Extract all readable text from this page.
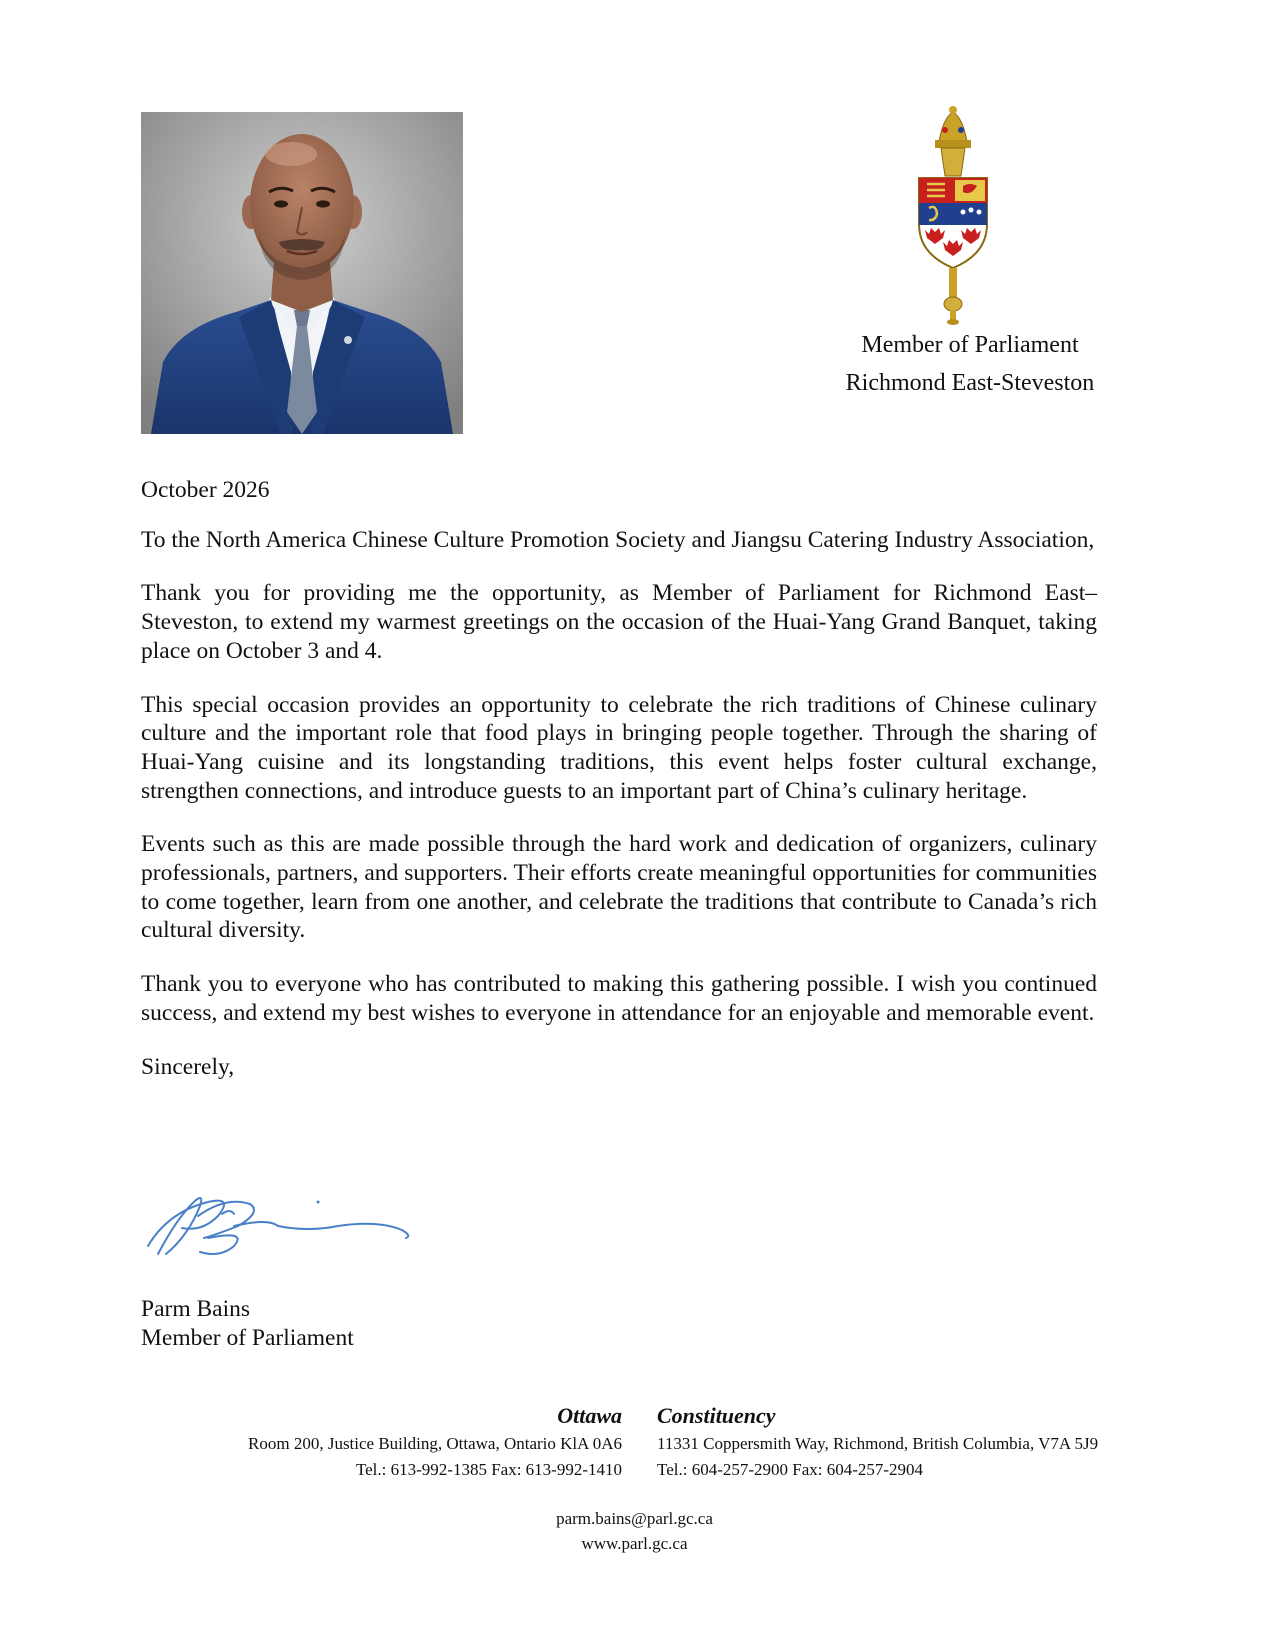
Member of Parliament
Richmond East-Steveston

October 2026

To the North America Chinese Culture Promotion Society and Jiangsu Catering Industry Association,

Thank you for providing me the opportunity, as Member of Parliament for Richmond East–Steveston, to extend my warmest greetings on the occasion of the Huai-Yang Grand Banquet, taking place on October 3 and 4.

This special occasion provides an opportunity to celebrate the rich traditions of Chinese culinary culture and the important role that food plays in bringing people together. Through the sharing of Huai-Yang cuisine and its longstanding traditions, this event helps foster cultural exchange, strengthen connections, and introduce guests to an important part of China’s culinary heritage.

Events such as this are made possible through the hard work and dedication of organizers, culinary professionals, partners, and supporters. Their efforts create meaningful opportunities for communities to come together, learn from one another, and celebrate the traditions that contribute to Canada’s rich cultural diversity.

Thank you to everyone who has contributed to making this gathering possible. I wish you continued success, and extend my best wishes to everyone in attendance for an enjoyable and memorable event.

Sincerely,

Parm Bains
Member of Parliament
Ottawa
Room 200, Justice Building, Ottawa, Ontario KlA 0A6
Tel.: 613-992-1385 Fax: 613-992-1410
Constituency
11331 Coppersmith Way, Richmond, British Columbia, V7A 5J9
Tel.: 604-257-2900 Fax: 604-257-2904
parm.bains@parl.gc.ca
www.parl.gc.ca
